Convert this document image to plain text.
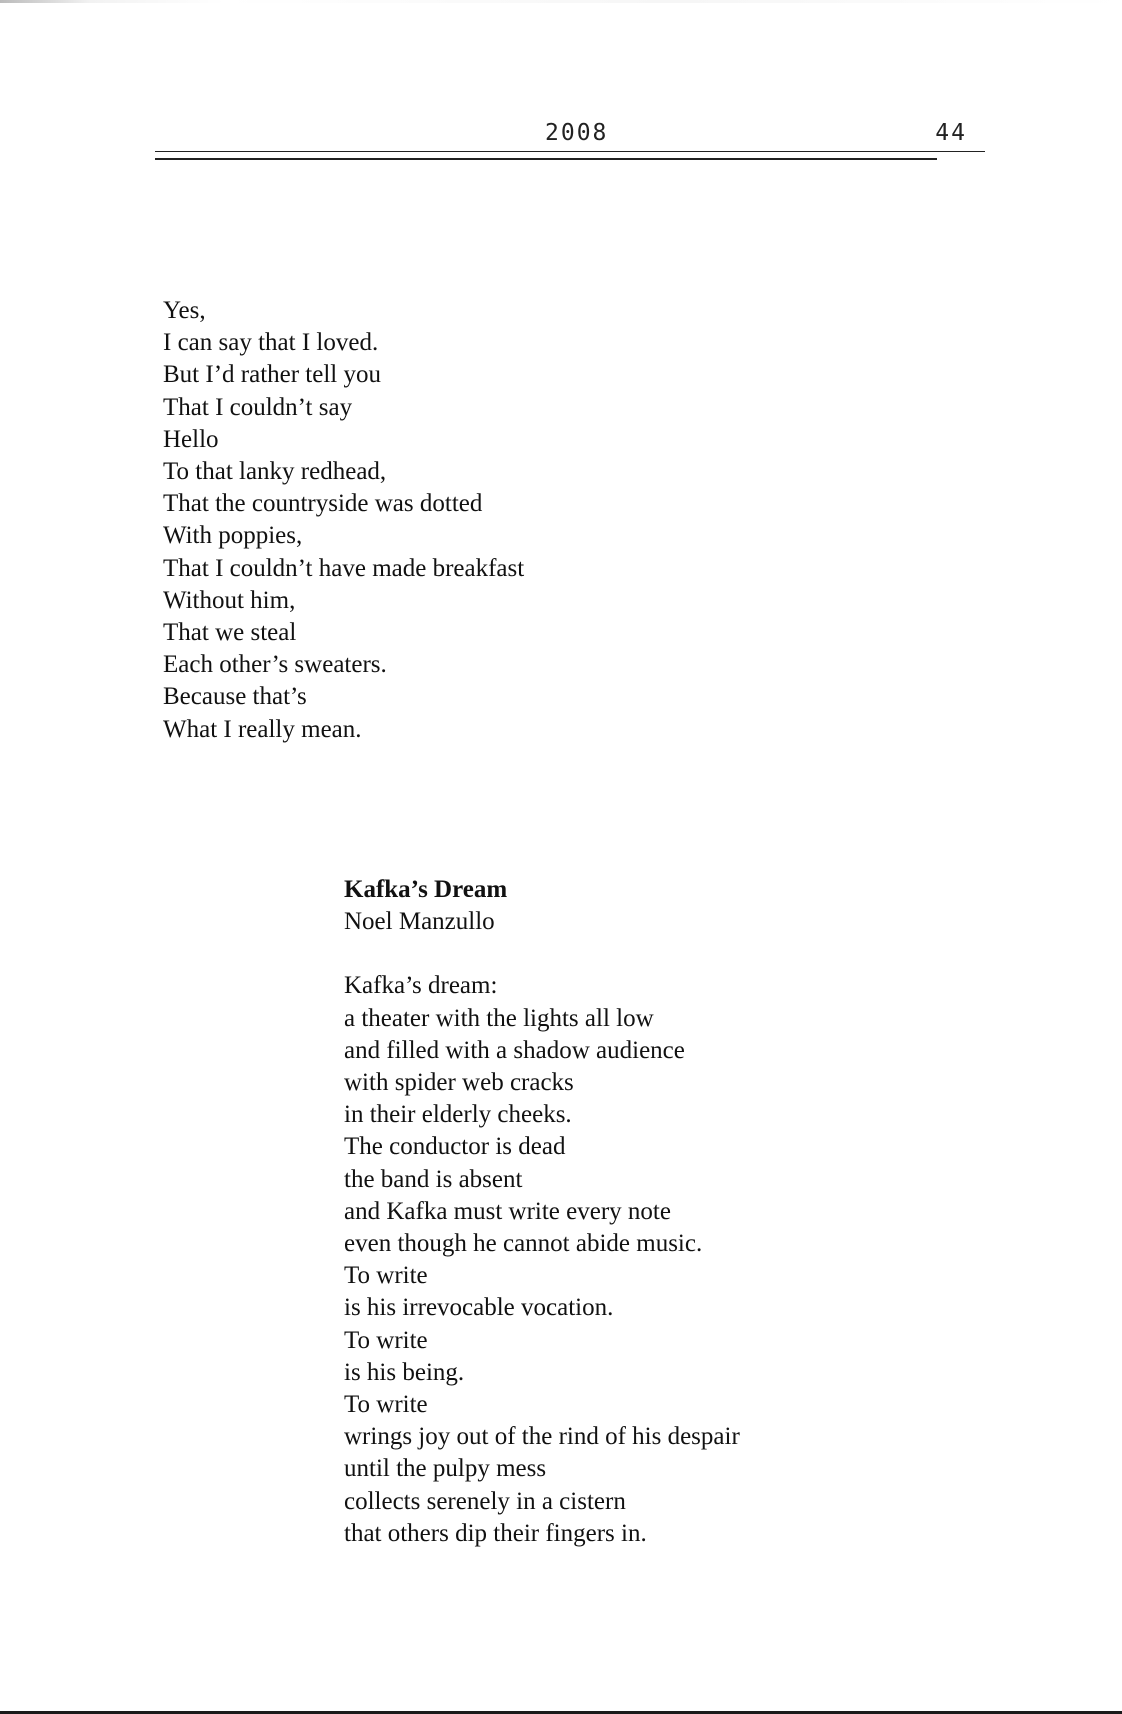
2008	44
Yes,
I can say that I loved.
But I’d rather tell you
That I couldn’t say
Hello
To that lanky redhead,
That the countryside was dotted
With poppies,
That I couldn’t have made breakfast
Without him,
That we steal
Each other’s sweaters.
Because that’s
What I really mean.
Kafka’s Dream
Noel Manzullo
Kafka’s dream:
a theater with the lights all low
and filled with a shadow audience
with spider web cracks
in their elderly cheeks.
The conductor is dead
the band is absent
and Kafka must write every note
even though he cannot abide music.
To write
is his irrevocable vocation.
To write
is his being.
To write
wrings joy out of the rind of his despair
until the pulpy mess
collects serenely in a cistern
that others dip their fingers in.
